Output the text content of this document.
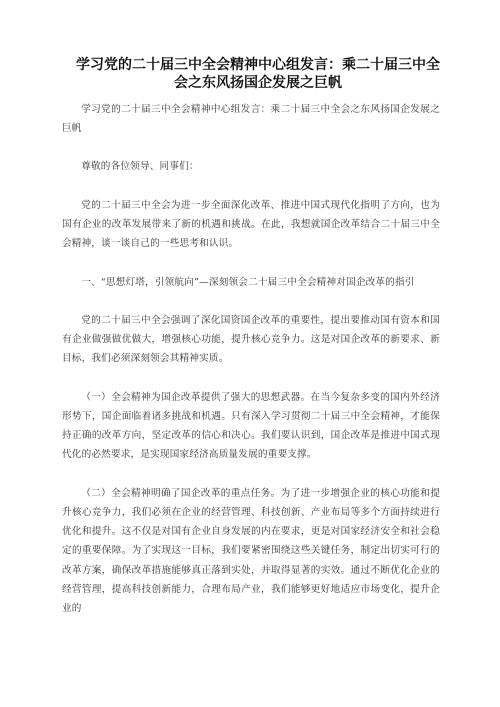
学习党的二十届三中全会精神中心组发言：乘二十届三中全会之东风扬国企发展之巨帆

学习党的二十届三中全会精神中心组发言：乘二十届三中全会之东风扬国企发展之巨帆

尊敬的各位领导、同事们：

党的二十届三中全会为进一步全面深化改革、推进中国式现代化指明了方向，也为国有企业的改革发展带来了新的机遇和挑战。在此，我想就国企改革结合二十届三中全会精神，谈一谈自己的一些思考和认识。

一、“思想灯塔，引领航向”—深刻领会二十届三中全会精神对国企改革的指引

党的二十届三中全会强调了深化国资国企改革的重要性，提出要推动国有资本和国有企业做强做优做大，增强核心功能，提升核心竞争力。这是对国企改革的新要求、新目标，我们必须深刻领会其精神实质。

（一）全会精神为国企改革提供了强大的思想武器。在当今复杂多变的国内外经济形势下，国企面临着诸多挑战和机遇。只有深入学习贯彻二十届三中全会精神，才能保持正确的改革方向，坚定改革的信心和决心。我们要认识到，国企改革是推进中国式现代化的必然要求，是实现国家经济高质量发展的重要支撑。

（二）全会精神明确了国企改革的重点任务。为了进一步增强企业的核心功能和提升核心竞争力，我们必须在企业的经营管理、科技创新、产业布局等多个方面持续进行优化和提升。这不仅是对国有企业自身发展的内在要求，更是对国家经济安全和社会稳定的重要保障。为了实现这一目标，我们要紧密围绕这些关键任务，制定出切实可行的改革方案，确保改革措施能够真正落到实处，并取得显著的实效。通过不断优化企业的经营管理，提高科技创新能力，合理布局产业，我们能够更好地适应市场变化，提升企业的
